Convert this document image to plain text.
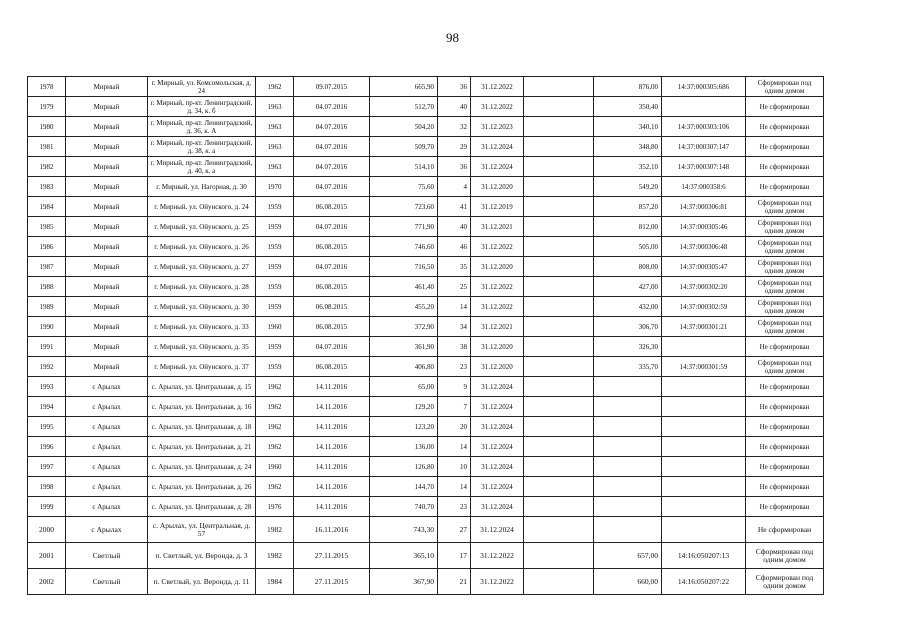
98
1978	Мирный	г. Мирный, ул. Комсомольская, д. 24	1962	09.07.2015	665,90	36	31.12.2022		876,00	14:37:000305:686	Сформирован под одним домом
1979	Мирный	г. Мирный, пр-кт. Ленинградский, д. 34, к. б	1963	04.07.2016	512,70	40	31.12.2022		350,40		Не сформирован
1980	Мирный	г. Мирный, пр-кт. Ленинградский, д. 36, к. А	1963	04.07.2016	504,20	32	31.12.2023		340,10	14:37:000303:106	Не сформирован
1981	Мирный	г. Мирный, пр-кт. Ленинградский, д. 38, к. а	1963	04.07.2016	509,70	29	31.12.2024		348,80	14:37:000307:147	Не сформирован
1982	Мирный	г. Мирный, пр-кт. Ленинградский, д. 40, к. а	1963	04.07.2016	514,10	36	31.12.2024		352,10	14:37:000307:148	Не сформирован
1983	Мирный	г. Мирный, ул. Нагорная, д. 30	1970	04.07.2016	75,60	4	31.12.2020		549,20	14:37:000358:6	Не сформирован
1984	Мирный	г. Мирный, ул. Ойунского, д. 24	1959	06.08.2015	723,60	41	31.12.2019		857,20	14:37:000306:81	Сформирован под одним домом
1985	Мирный	г. Мирный, ул. Ойунского, д. 25	1959	04.07.2016	771,90	40	31.12.2021		812,00	14:37:000305:46	Сформирован под одним домом
1986	Мирный	г. Мирный, ул. Ойунского, д. 26	1959	06.08.2015	746,60	46	31.12.2022		505,00	14:37:000306:48	Сформирован под одним домом
1987	Мирный	г. Мирный, ул. Ойунского, д. 27	1959	04.07.2016	716,50	35	31.12.2020		808,00	14:37:000305:47	Сформирован под одним домом
1988	Мирный	г. Мирный, ул. Ойунского, д. 28	1959	06.08.2015	461,40	25	31.12.2022		427,00	14:37:000302:20	Сформирован под одним домом
1989	Мирный	г. Мирный, ул. Ойунского, д. 30	1959	06.08.2015	455,20	14	31.12.2022		432,00	14:37:000302:59	Сформирован под одним домом
1990	Мирный	г. Мирный, ул. Ойунского, д. 33	1960	06.08.2015	372,90	34	31.12.2021		306,70	14:37:000301:21	Сформирован под одним домом
1991	Мирный	г. Мирный, ул. Ойунского, д. 35	1959	04.07.2016	361,90	38	31.12.2020		326,30		Не сформирован
1992	Мирный	г. Мирный, ул. Ойунского, д. 37	1959	06.08.2015	406,80	23	31.12.2020		335,70	14:37:000301:59	Сформирован под одним домом
1993	с Арылах	с. Арылах, ул. Центральная, д. 15	1962	14.11.2016	65,00	9	31.12.2024				Не сформирован
1994	с Арылах	с. Арылах, ул. Центральная, д. 16	1962	14.11.2016	129,20	7	31.12.2024				Не сформирован
1995	с Арылах	с. Арылах, ул. Центральная, д. 18	1962	14.11.2016	123,20	20	31.12.2024				Не сформирован
1996	с Арылах	с. Арылах, ул. Центральная, д. 21	1962	14.11.2016	136,00	14	31.12.2024				Не сформирован
1997	с Арылах	с. Арылах, ул. Центральная, д. 24	1960	14.11.2016	126,80	10	31.12.2024				Не сформирован
1998	с Арылах	с. Арылах, ул. Центральная, д. 26	1962	14.11.2016	144,70	14	31.12.2024				Не сформирован
1999	с Арылах	с. Арылах, ул. Центральная, д. 28	1976	14.11.2016	740,70	23	31.12.2024				Не сформирован
2000	с Арылах	с. Арылах, ул. Центральная, д. 57	1982	16.11.2016	743,30	27	31.12.2024				Не сформирован
2001	Светлый	п. Светлый, ул. Веронда, д. 3	1982	27.11.2015	365,10	17	31.12.2022		657,00	14:16:050207:13	Сформирован под одним домом
2002	Светлый	п. Светлый, ул. Веронда, д. 11	1984	27.11.2015	367,90	21	31.12.2022		660,00	14:16:050207:22	Сформирован под одним домом
